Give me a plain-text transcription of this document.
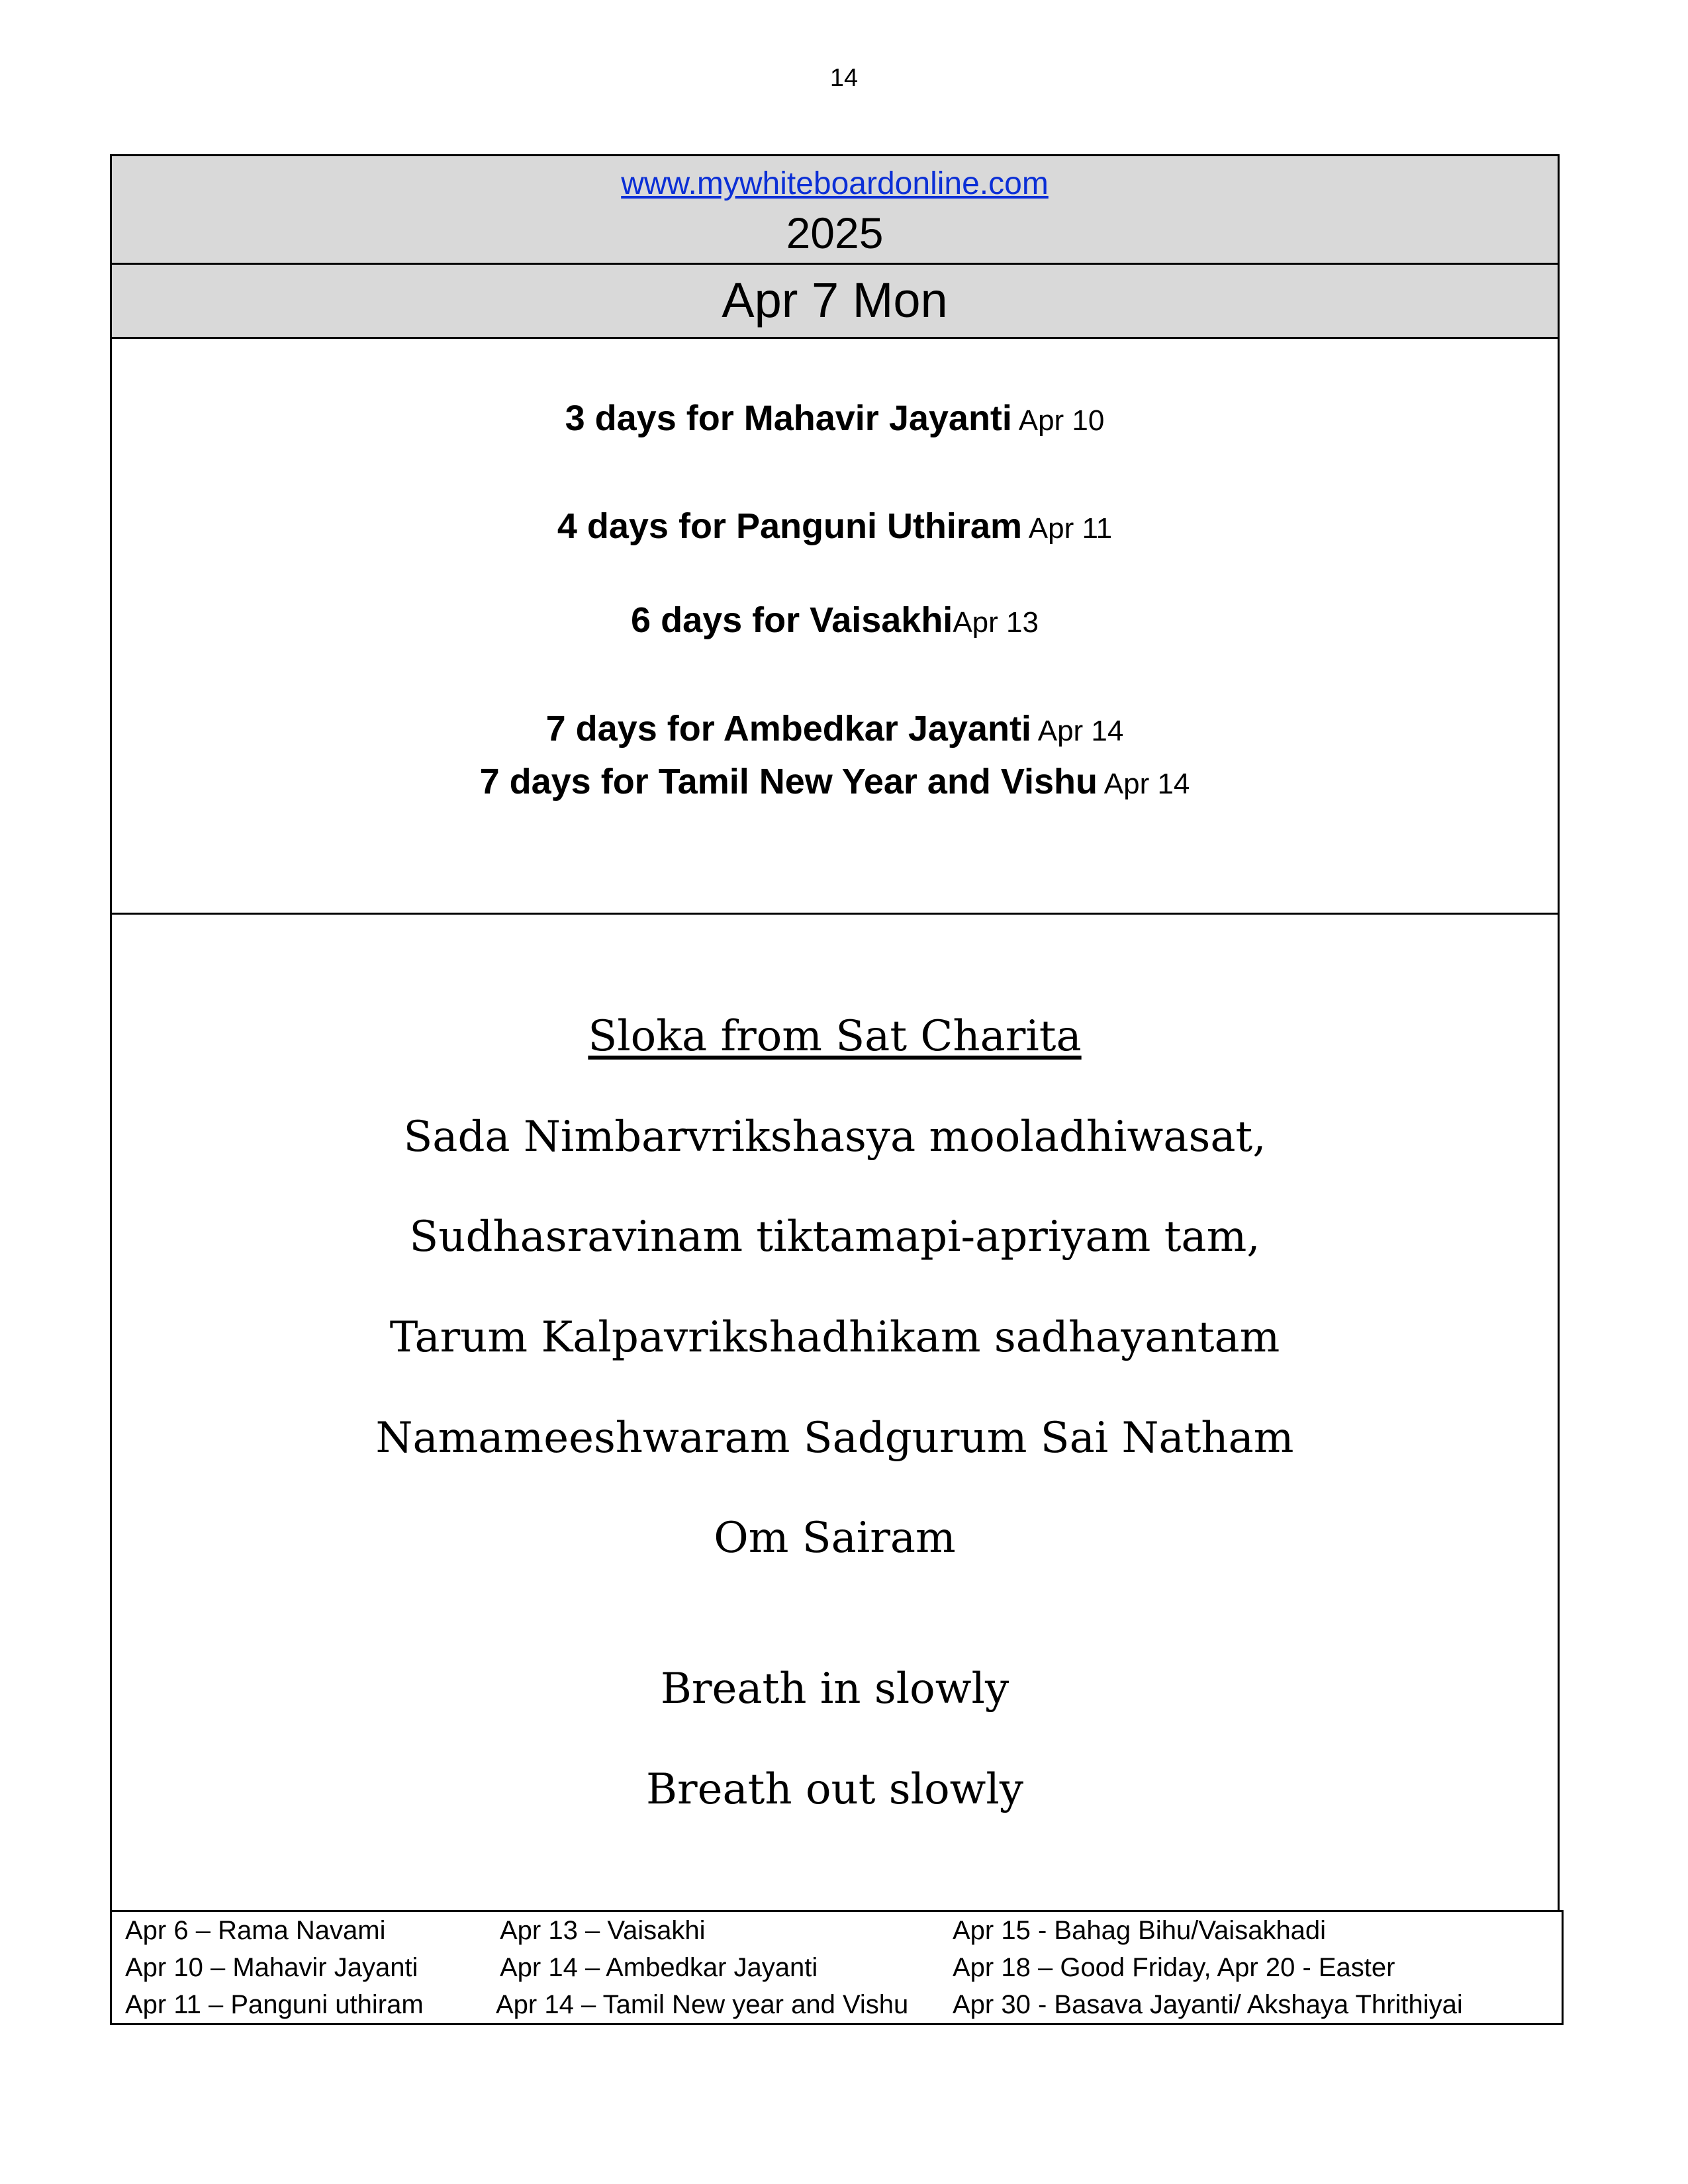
14
www.mywhiteboardonline.com
2025
Apr 7 Mon
3 days for Mahavir Jayanti Apr 10
4 days for Panguni Uthiram Apr 11
6 days for VaisakhiApr 13
7 days for Ambedkar Jayanti Apr 14
7 days for Tamil New Year and Vishu Apr 14
Sloka from Sat Charita
Sada Nimbarvrikshasya mooladhiwasat,
Sudhasravinam tiktamapi-apriyam tam,
Tarum Kalpavrikshadhikam sadhayantam
Namameeshwaram Sadgurum Sai Natham
Om Sairam
Breath in slowly
Breath out slowly
Apr 6 – Rama Navami
Apr 10 – Mahavir Jayanti
Apr 11 – Panguni uthiram
Apr 13 – Vaisakhi
Apr 14 – Ambedkar Jayanti
Apr 14 – Tamil New year and Vishu
Apr 15 - Bahag Bihu/Vaisakhadi
Apr 18 – Good Friday, Apr 20 - Easter
Apr 30 - Basava Jayanti/ Akshaya Thrithiyai
